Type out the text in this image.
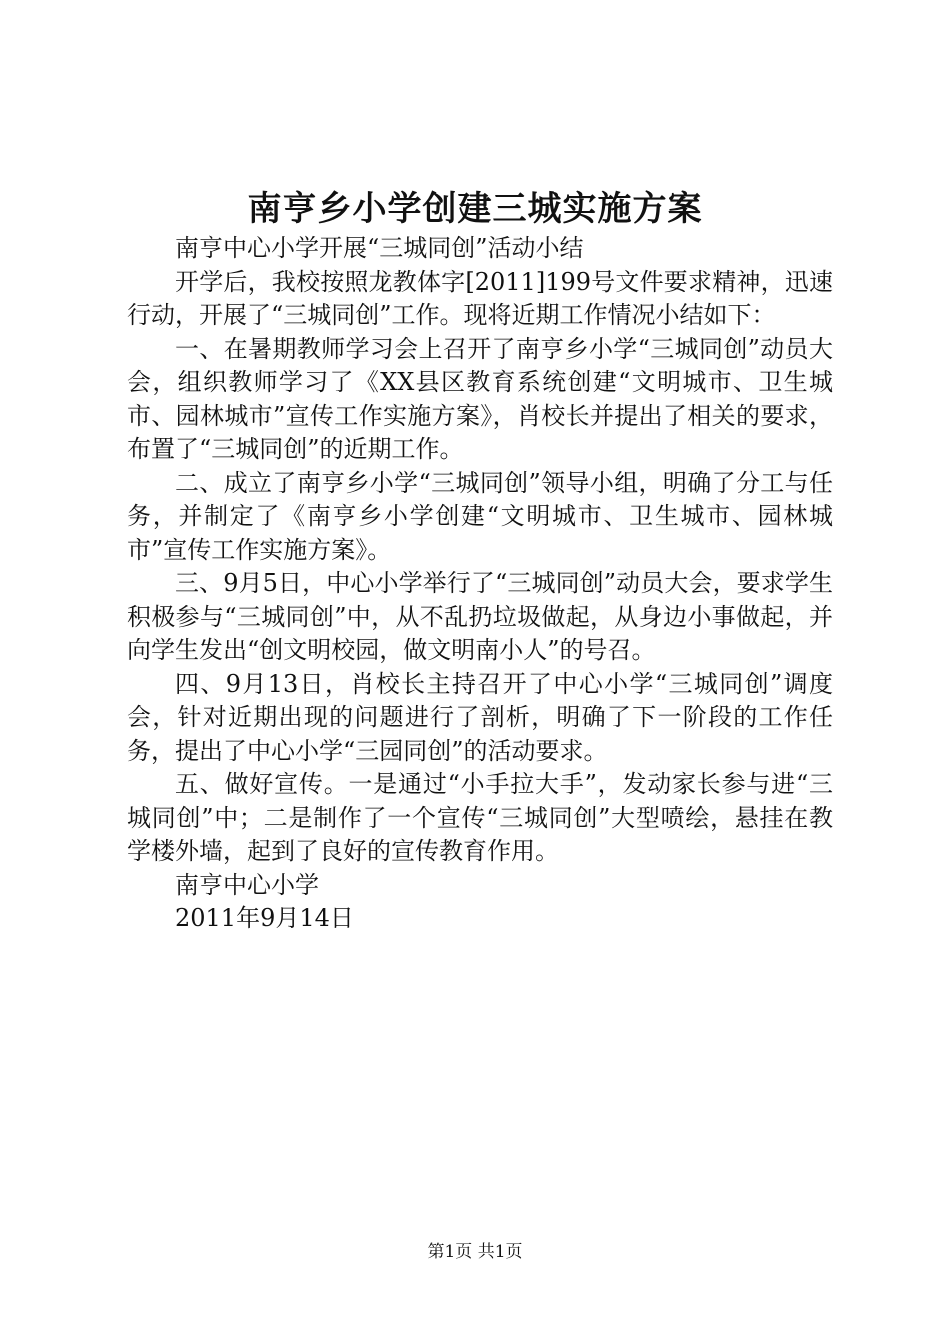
南亨乡小学创建三城实施方案

南亨中心小学开展“三城同创”活动小结

开学后，我校按照龙教体字[2011]199号文件要求精神，迅速行动，开展了“三城同创”工作。现将近期工作情况小结如下：

一、在暑期教师学习会上召开了南亨乡小学“三城同创”动员大会，组织教师学习了《XX县区教育系统创建“文明城市、卫生城市、园林城市”宣传工作实施方案》，肖校长并提出了相关的要求，布置了“三城同创”的近期工作。

二、成立了南亨乡小学“三城同创”领导小组，明确了分工与任务，并制定了《南亨乡小学创建“文明城市、卫生城市、园林城市”宣传工作实施方案》。

三、9月5日，中心小学举行了“三城同创”动员大会，要求学生积极参与“三城同创”中，从不乱扔垃圾做起，从身边小事做起，并向学生发出“创文明校园，做文明南小人”的号召。

四、9月13日，肖校长主持召开了中心小学“三城同创”调度会，针对近期出现的问题进行了剖析，明确了下一阶段的工作任务，提出了中心小学“三园同创”的活动要求。

五、做好宣传。一是通过“小手拉大手”，发动家长参与进“三城同创”中；二是制作了一个宣传“三城同创”大型喷绘，悬挂在教学楼外墙，起到了良好的宣传教育作用。

南亨中心小学

2011年9月14日

第1页 共1页
